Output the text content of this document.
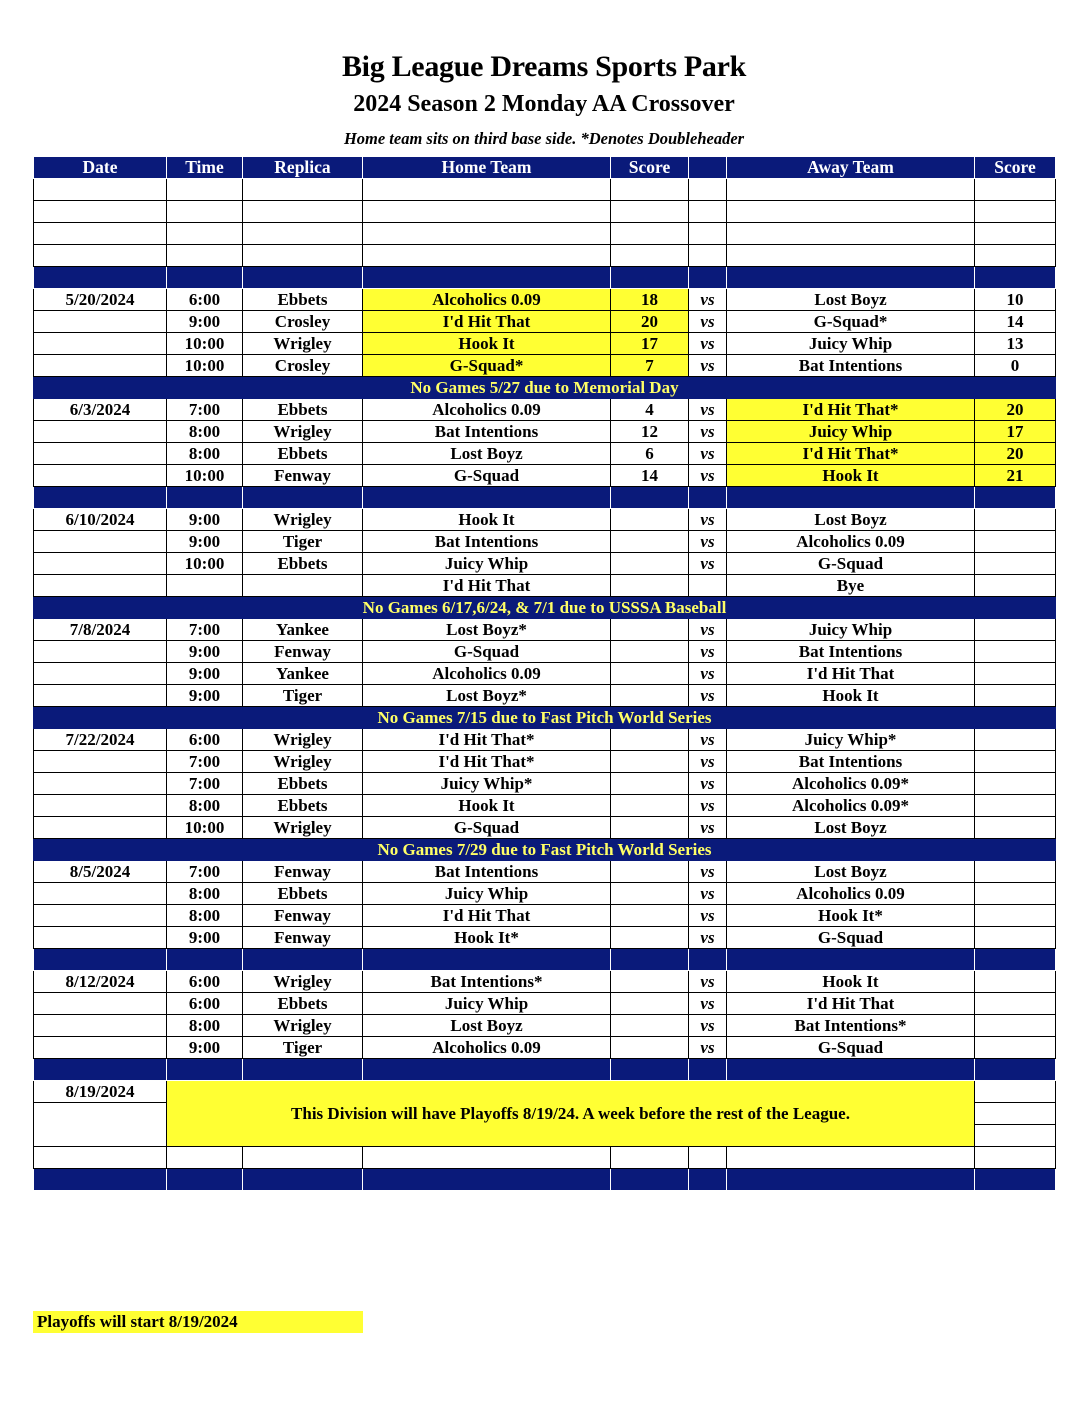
Big League Dreams Sports Park
2024 Season 2 Monday AA Crossover

Home team sits on third base side. *Denotes Doubleheader

Date	Time	Replica	Home Team	Score		Away Team	Score

5/20/2024	6:00	Ebbets	Alcoholics 0.09	18	vs	Lost Boyz	10
	9:00	Crosley	I'd Hit That	20	vs	G-Squad*	14
	10:00	Wrigley	Hook It	17	vs	Juicy Whip	13
	10:00	Crosley	G-Squad*	7	vs	Bat Intentions	0
No Games 5/27 due to Memorial Day							
6/3/2024	7:00	Ebbets	Alcoholics 0.09	4	vs	I'd Hit That*	20
	8:00	Wrigley	Bat Intentions	12	vs	Juicy Whip	17
	8:00	Ebbets	Lost Boyz	6	vs	I'd Hit That*	20
	10:00	Fenway	G-Squad	14	vs	Hook It	21

6/10/2024	9:00	Wrigley	Hook It		vs	Lost Boyz	
	9:00	Tiger	Bat Intentions		vs	Alcoholics 0.09	
	10:00	Ebbets	Juicy Whip		vs	G-Squad	
			I'd Hit That			Bye	
No Games 6/17,6/24, & 7/1 due to USSSA Baseball							
7/8/2024	7:00	Yankee	Lost Boyz*		vs	Juicy Whip	
	9:00	Fenway	G-Squad		vs	Bat Intentions	
	9:00	Yankee	Alcoholics 0.09		vs	I'd Hit That	
	9:00	Tiger	Lost Boyz*		vs	Hook It	
No Games 7/15 due to Fast Pitch World Series							
7/22/2024	6:00	Wrigley	I'd Hit That*		vs	Juicy Whip*	
	7:00	Wrigley	I'd Hit That*		vs	Bat Intentions	
	7:00	Ebbets	Juicy Whip*		vs	Alcoholics 0.09*	
	8:00	Ebbets	Hook It		vs	Alcoholics 0.09*	
	10:00	Wrigley	G-Squad		vs	Lost Boyz	
No Games 7/29 due to Fast Pitch World Series							
8/5/2024	7:00	Fenway	Bat Intentions		vs	Lost Boyz	
	8:00	Ebbets	Juicy Whip		vs	Alcoholics 0.09	
	8:00	Fenway	I'd Hit That		vs	Hook It*	
	9:00	Fenway	Hook It*		vs	G-Squad	

8/12/2024	6:00	Wrigley	Bat Intentions*		vs	Hook It	
	6:00	Ebbets	Juicy Whip		vs	I'd Hit That	
	8:00	Wrigley	Lost Boyz		vs	Bat Intentions*	
	9:00	Tiger	Alcoholics 0.09		vs	G-Squad	

8/19/2024	This Division will have Playoffs 8/19/24. A week before the rest of the League.						

Playoffs will start 8/19/2024
